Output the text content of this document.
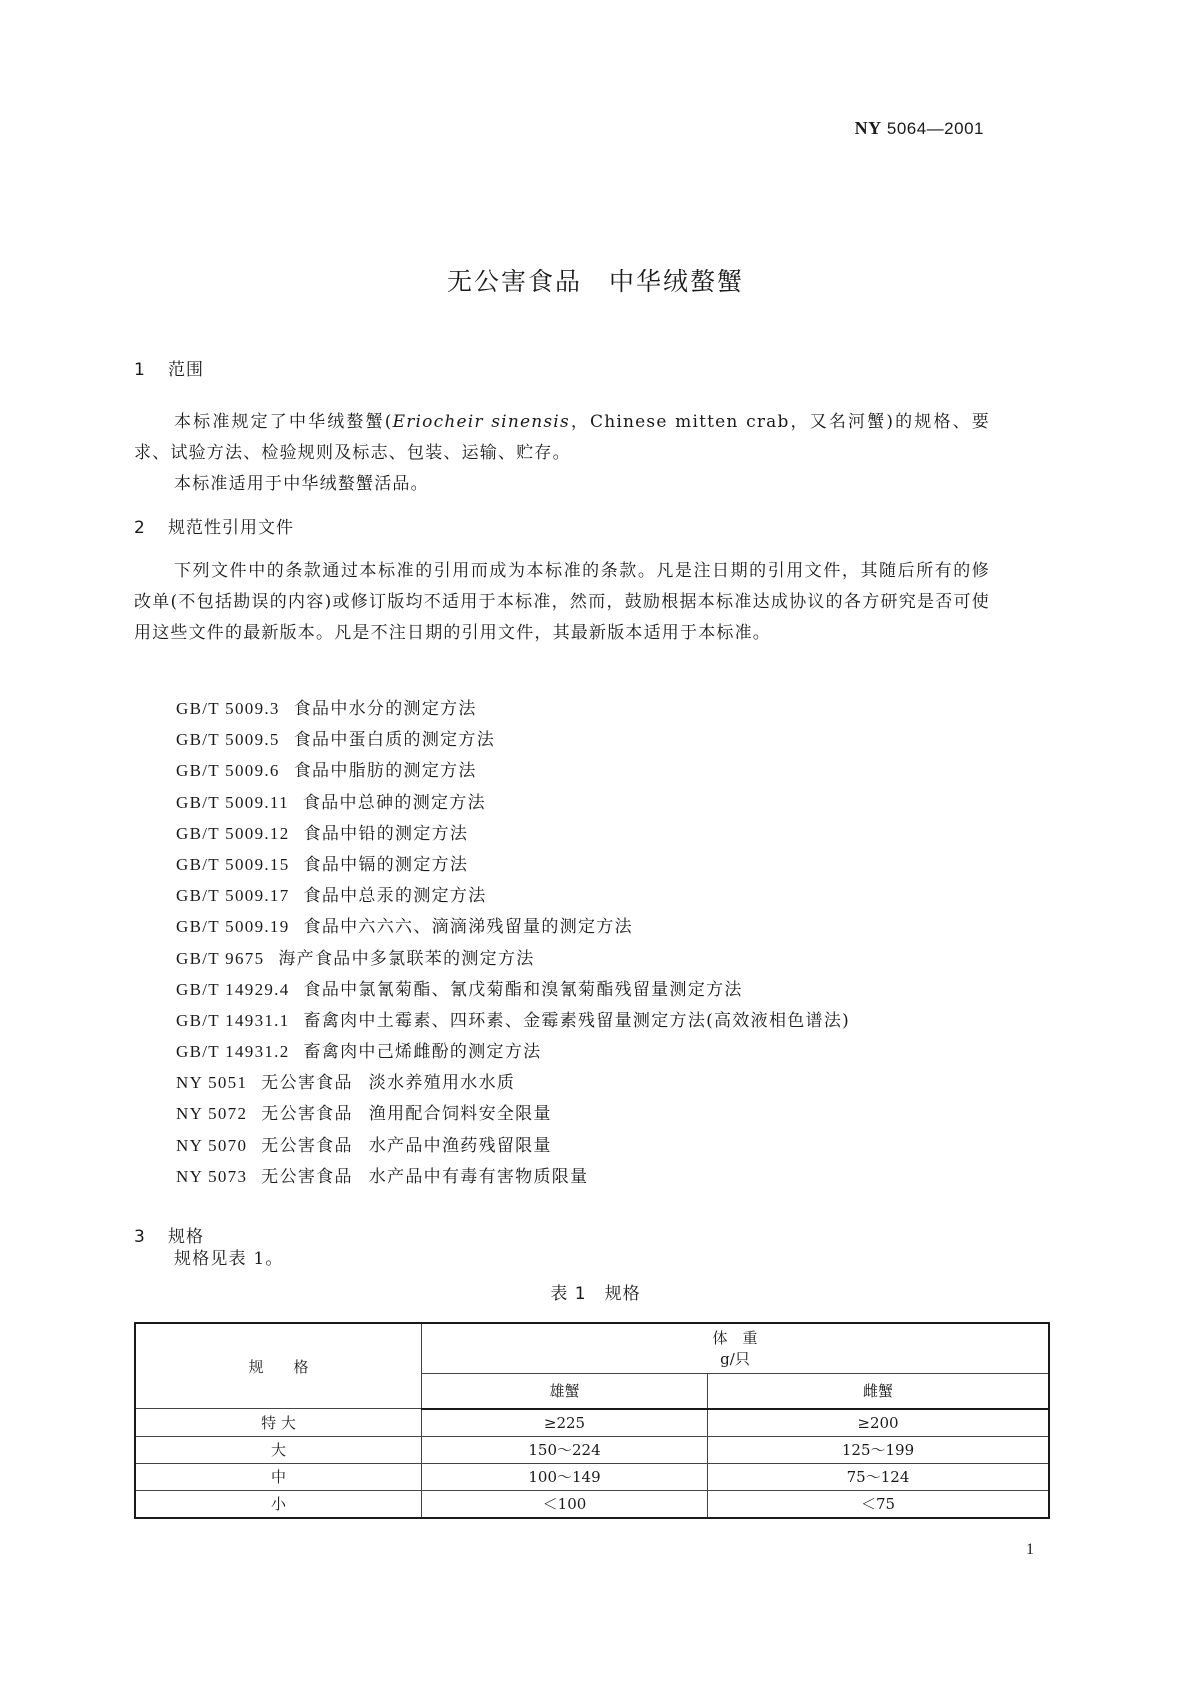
NY 5064—2001
无公害食品　中华绒螯蟹
1 范围
本标准规定了中华绒螯蟹(Eriocheir sinensis，Chinese mitten crab，又名河蟹)的规格、要求、试验方法、检验规则及标志、包装、运输、贮存。
本标准适用于中华绒螯蟹活品。
2 规范性引用文件
下列文件中的条款通过本标准的引用而成为本标准的条款。凡是注日期的引用文件，其随后所有的修改单(不包括勘误的内容)或修订版均不适用于本标准，然而，鼓励根据本标准达成协议的各方研究是否可使用这些文件的最新版本。凡是不注日期的引用文件，其最新版本适用于本标准。
GB/T 5009.3 食品中水分的测定方法
GB/T 5009.5 食品中蛋白质的测定方法
GB/T 5009.6 食品中脂肪的测定方法
GB/T 5009.11 食品中总砷的测定方法
GB/T 5009.12 食品中铅的测定方法
GB/T 5009.15 食品中镉的测定方法
GB/T 5009.17 食品中总汞的测定方法
GB/T 5009.19 食品中六六六、滴滴涕残留量的测定方法
GB/T 9675 海产食品中多氯联苯的测定方法
GB/T 14929.4 食品中氯氰菊酯、氰戊菊酯和溴氰菊酯残留量测定方法
GB/T 14931.1 畜禽肉中土霉素、四环素、金霉素残留量测定方法(高效液相色谱法)
GB/T 14931.2 畜禽肉中己烯雌酚的测定方法
NY 5051 无公害食品 淡水养殖用水水质
NY 5072 无公害食品 渔用配合饲料安全限量
NY 5070 无公害食品 水产品中渔药残留限量
NY 5073 无公害食品 水产品中有毒有害物质限量
3 规格
规格见表 1。
表 1　规格
规　　格	体　重
g/只	

	雄蟹	雌蟹
特 大	≥225	≥200
大	150～224	125～199
中	100～149	75～124
小	＜100	＜75
1
